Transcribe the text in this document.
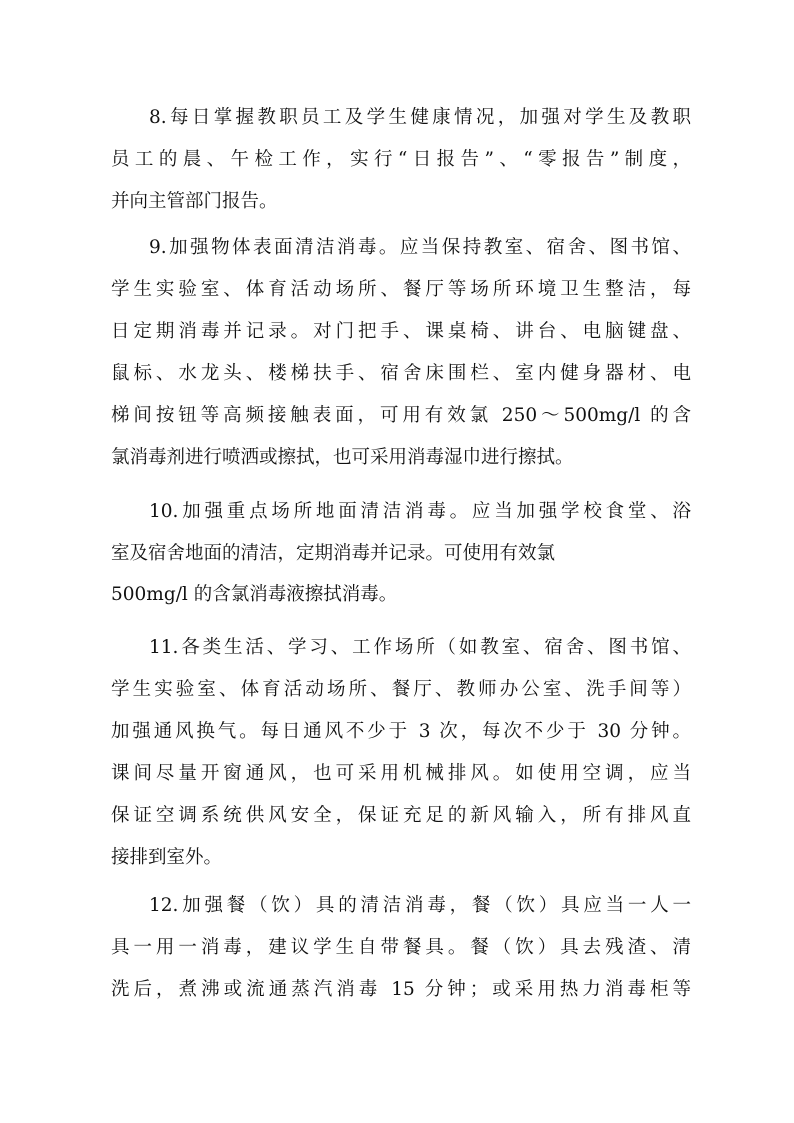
8.每日掌握教职员工及学生健康情况，加强对学生及教职
员工的晨、午检工作，实行“日报告”、“零报告”制度，
并向主管部门报告。
9.加强物体表面清洁消毒。应当保持教室、宿舍、图书馆、
学生实验室、体育活动场所、餐厅等场所环境卫生整洁，每
日定期消毒并记录。对门把手、课桌椅、讲台、电脑键盘、
鼠标、水龙头、楼梯扶手、宿舍床围栏、室内健身器材、电
梯间按钮等高频接触表面，可用有效氯 250～500mg/l 的含
氯消毒剂进行喷洒或擦拭，也可采用消毒湿巾进行擦拭。
10.加强重点场所地面清洁消毒。应当加强学校食堂、浴
室及宿舍地面的清洁，定期消毒并记录。可使用有效氯
500mg/l 的含氯消毒液擦拭消毒。
11.各类生活、学习、工作场所（如教室、宿舍、图书馆、
学生实验室、体育活动场所、餐厅、教师办公室、洗手间等）
加强通风换气。每日通风不少于 3 次，每次不少于 30 分钟。
课间尽量开窗通风，也可采用机械排风。如使用空调，应当
保证空调系统供风安全，保证充足的新风输入，所有排风直
接排到室外。
12.加强餐（饮）具的清洁消毒，餐（饮）具应当一人一
具一用一消毒，建议学生自带餐具。餐（饮）具去残渣、清
洗后，煮沸或流通蒸汽消毒 15 分钟；或采用热力消毒柜等
